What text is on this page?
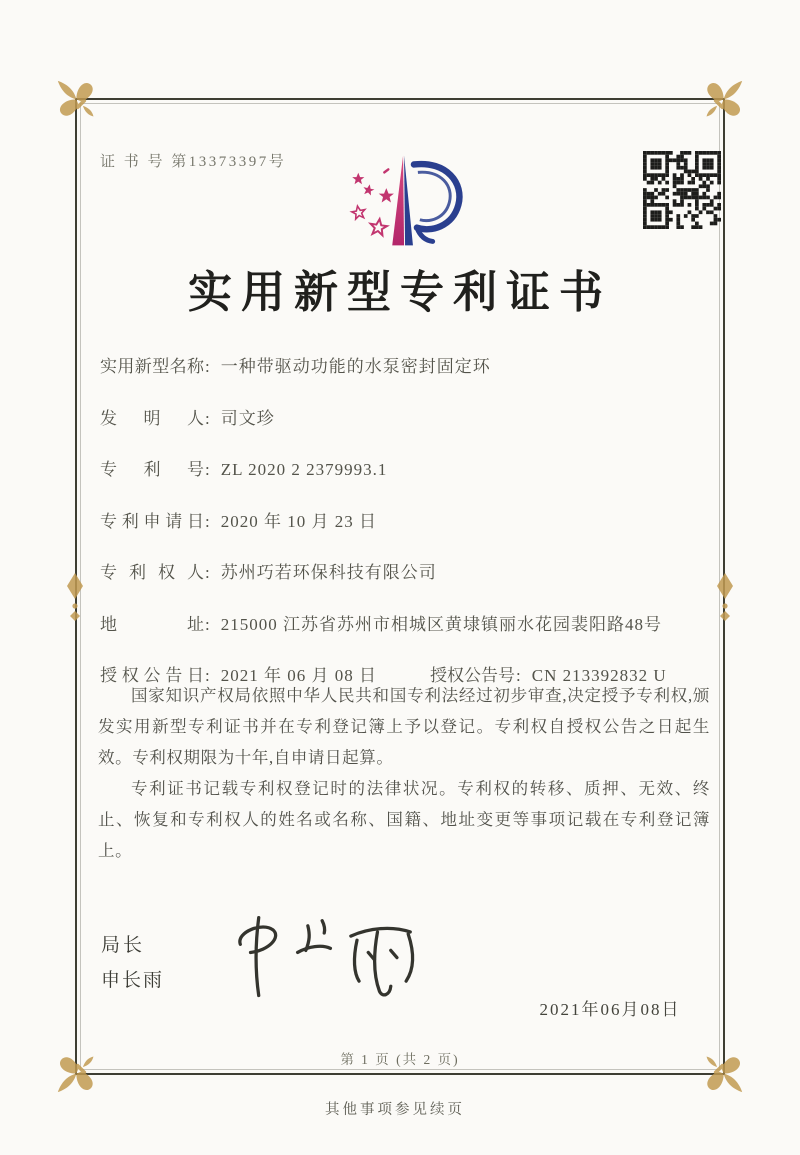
证 书 号 第13373397号
实用新型专利证书
实用新型名称 : 一种带驱动功能的水泵密封固定环
发明人 : 司文珍
专利号 : ZL 2020 2 2379993.1
专利申请日 : 2020 年 10 月 23 日
专利权人 : 苏州巧若环保科技有限公司
地址 : 215000 江苏省苏州市相城区黄埭镇丽水花园裴阳路48号
授权公告日 : 2021 年 06 月 08 日	授权公告号 : CN 213392832 U

国家知识产权局依照中华人民共和国专利法经过初步审查,决定授予专利权,颁发实用新型专利证书并在专利登记簿上予以登记。专利权自授权公告之日起生效。专利权期限为十年,自申请日起算。

专利证书记载专利权登记时的法律状况。专利权的转移、质押、无效、终止、恢复和专利权人的姓名或名称、国籍、地址变更等事项记载在专利登记簿上。

局长
申长雨
2021年06月08日
第 1 页 (共 2 页)
其他事项参见续页
